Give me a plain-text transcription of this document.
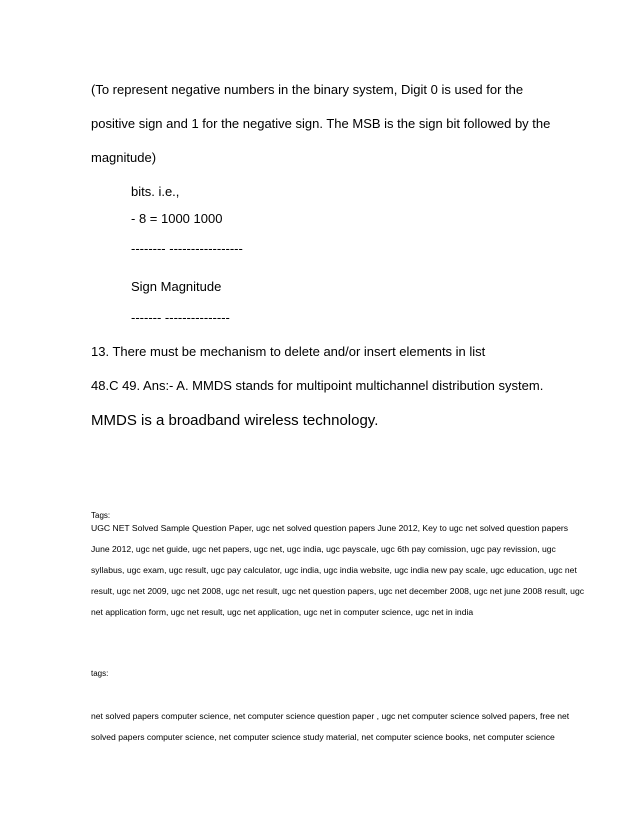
(To represent negative numbers in the binary system, Digit 0 is used for the
positive sign and 1 for the negative sign. The MSB is the sign bit followed by the
magnitude)
bits. i.e.,
- 8 = 1000 1000
-------- -----------------
Sign Magnitude
------- ---------------
13. There must be mechanism to delete and/or insert elements in list
48.C 49. Ans:- A. MMDS stands for multipoint multichannel distribution system.
MMDS is a broadband wireless technology.
Tags:
UGC NET Solved Sample Question Paper, ugc net solved question papers June 2012, Key to ugc net solved question papers
June 2012, ugc net guide, ugc net papers, ugc net, ugc india, ugc payscale, ugc 6th pay comission, ugc pay revission, ugc
syllabus, ugc exam, ugc result, ugc pay calculator, ugc india, ugc india website, ugc india new pay scale, ugc education, ugc net
result, ugc net 2009, ugc net 2008, ugc net result, ugc net question papers, ugc net december 2008, ugc net june 2008 result, ugc
net application form, ugc net result, ugc net application, ugc net in computer science, ugc net in india
tags:
net solved papers computer science, net computer science question paper , ugc net computer science solved papers, free net
solved papers computer science, net computer science study material, net computer science books, net computer science
